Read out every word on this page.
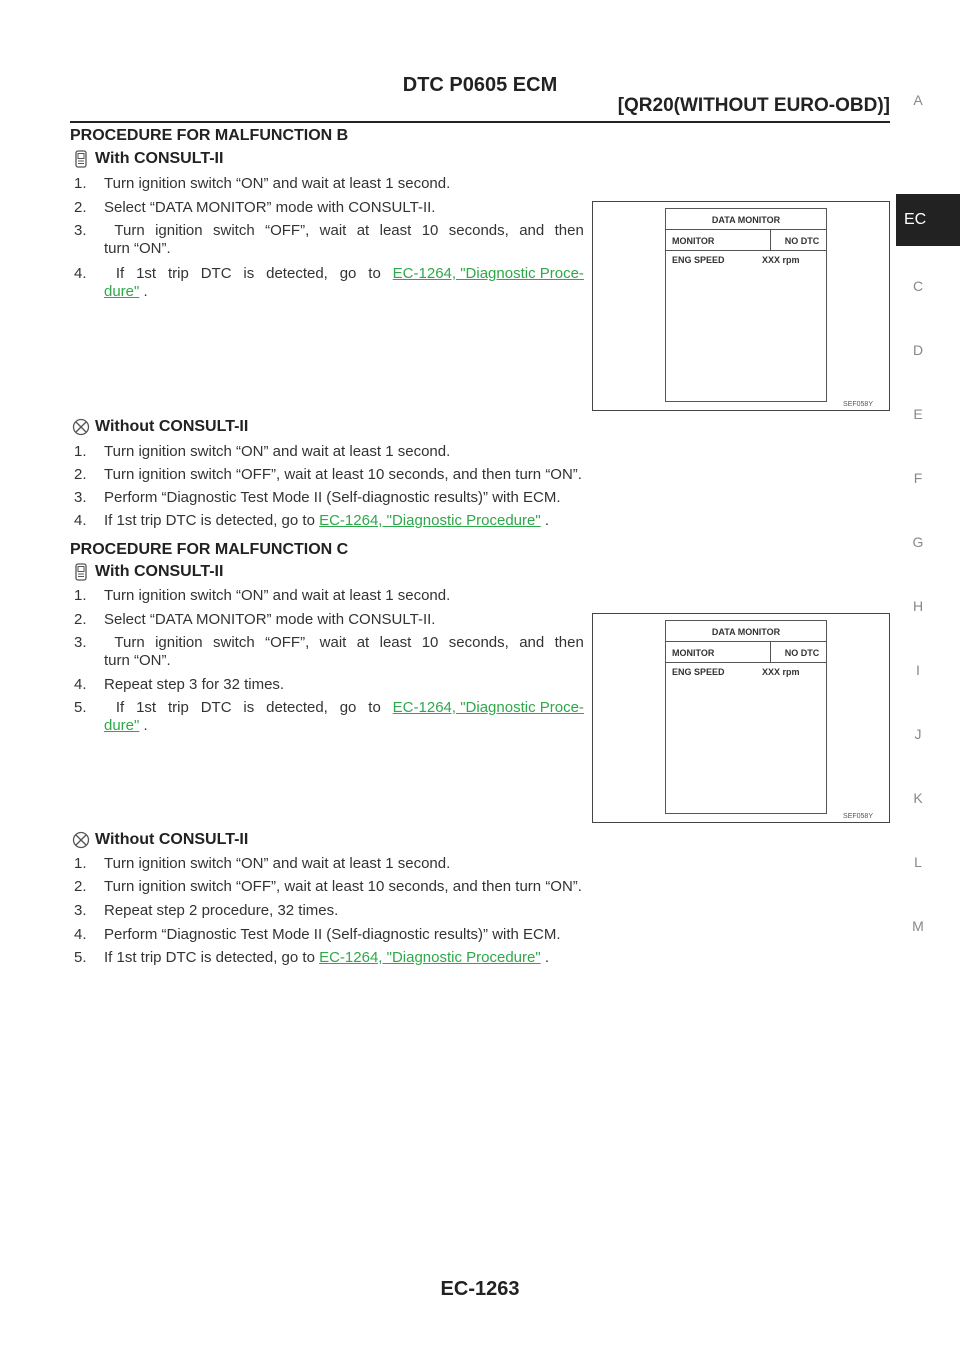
DTC P0605 ECM
[QR20(WITHOUT EURO-OBD)]	A
EC
C
D
E
F
G
H
I
J
K
L
M
PROCEDURE FOR MALFUNCTION B
With CONSULT-II
1. Turn ignition switch “ON” and wait at least 1 second.
2. Select “DATA MONITOR” mode with CONSULT-II.
3.	Turn ignition switch “OFF”, wait at least 10 seconds, and then
turn “ON”.
4.	If 1st trip DTC is detected, go to EC-1264, "Diagnostic Proce-
dure" .
DATA MONITOR
MONITOR	NO DTC
ENG SPEED	XXX rpm
SEF058Y
Without CONSULT-II
1. Turn ignition switch “ON” and wait at least 1 second.
2. Turn ignition switch “OFF”, wait at least 10 seconds, and then turn “ON”.
3. Perform “Diagnostic Test Mode II (Self-diagnostic results)” with ECM.
4. If 1st trip DTC is detected, go to EC-1264, "Diagnostic Procedure" .
PROCEDURE FOR MALFUNCTION C
With CONSULT-II
1. Turn ignition switch “ON” and wait at least 1 second.
2. Select “DATA MONITOR” mode with CONSULT-II.
3.	Turn ignition switch “OFF”, wait at least 10 seconds, and then
turn “ON”.
4. Repeat step 3 for 32 times.
5.	If 1st trip DTC is detected, go to EC-1264, "Diagnostic Proce-
dure" .
DATA MONITOR
MONITOR	NO DTC
ENG SPEED	XXX rpm
SEF058Y
Without CONSULT-II
1. Turn ignition switch “ON” and wait at least 1 second.
2. Turn ignition switch “OFF”, wait at least 10 seconds, and then turn “ON”.
3. Repeat step 2 procedure, 32 times.
4. Perform “Diagnostic Test Mode II (Self-diagnostic results)” with ECM.
5. If 1st trip DTC is detected, go to EC-1264, "Diagnostic Procedure" .
EC-1263
